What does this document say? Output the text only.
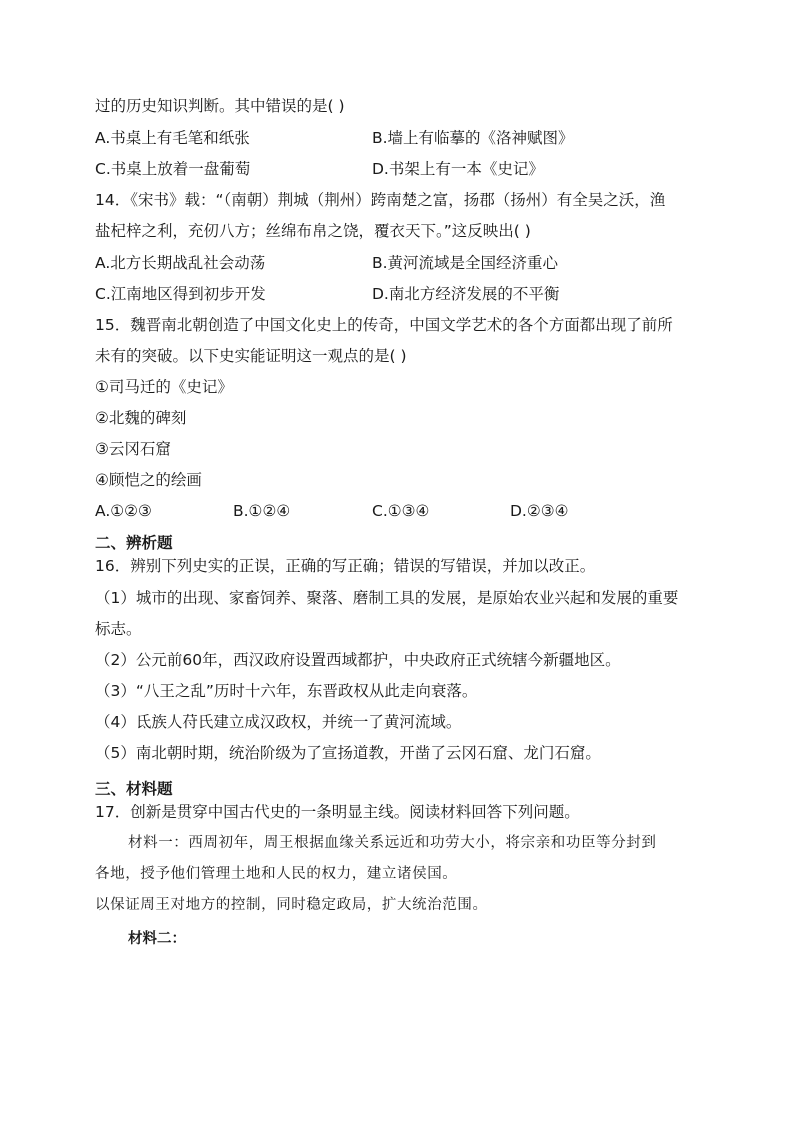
过的历史知识判断。其中错误的是( )
A.书桌上有毛笔和纸张	B.墙上有临摹的《洛神赋图》
C.书桌上放着一盘葡萄	D.书架上有一本《史记》
14．《宋书》载：“（南朝）荆城（荆州）跨南楚之富，扬郡（扬州）有全吴之沃，渔
盐杞梓之利，充仞八方；丝绵布帛之饶，覆衣天下。”这反映出( )
A.北方长期战乱社会动荡	B.黄河流域是全国经济重心
C.江南地区得到初步开发	D.南北方经济发展的不平衡
15．魏晋南北朝创造了中国文化史上的传奇，中国文学艺术的各个方面都出现了前所
未有的突破。以下史实能证明这一观点的是( )
①司马迁的《史记》
②北魏的碑刻
③云冈石窟
④顾恺之的绘画
A.①②③	B.①②④	C.①③④	D.②③④
二、辨析题
16．辨别下列史实的正误，正确的写正确；错误的写错误，并加以改正。
（1）城市的出现、家畜饲养、聚落、磨制工具的发展，是原始农业兴起和发展的重要
标志。
（2）公元前60年，西汉政府设置西域都护，中央政府正式统辖今新疆地区。
（3）“八王之乱”历时十六年，东晋政权从此走向衰落。
（4）氐族人苻氏建立成汉政权，并统一了黄河流域。
（5）南北朝时期，统治阶级为了宣扬道教，开凿了云冈石窟、龙门石窟。
三、材料题
17．创新是贯穿中国古代史的一条明显主线。阅读材料回答下列问题。
材料一：西周初年，周王根据血缘关系远近和功劳大小，将宗亲和功臣等分封到
各地，授予他们管理土地和人民的权力，建立诸侯国。
以保证周王对地方的控制，同时稳定政局，扩大统治范围。
材料二：
